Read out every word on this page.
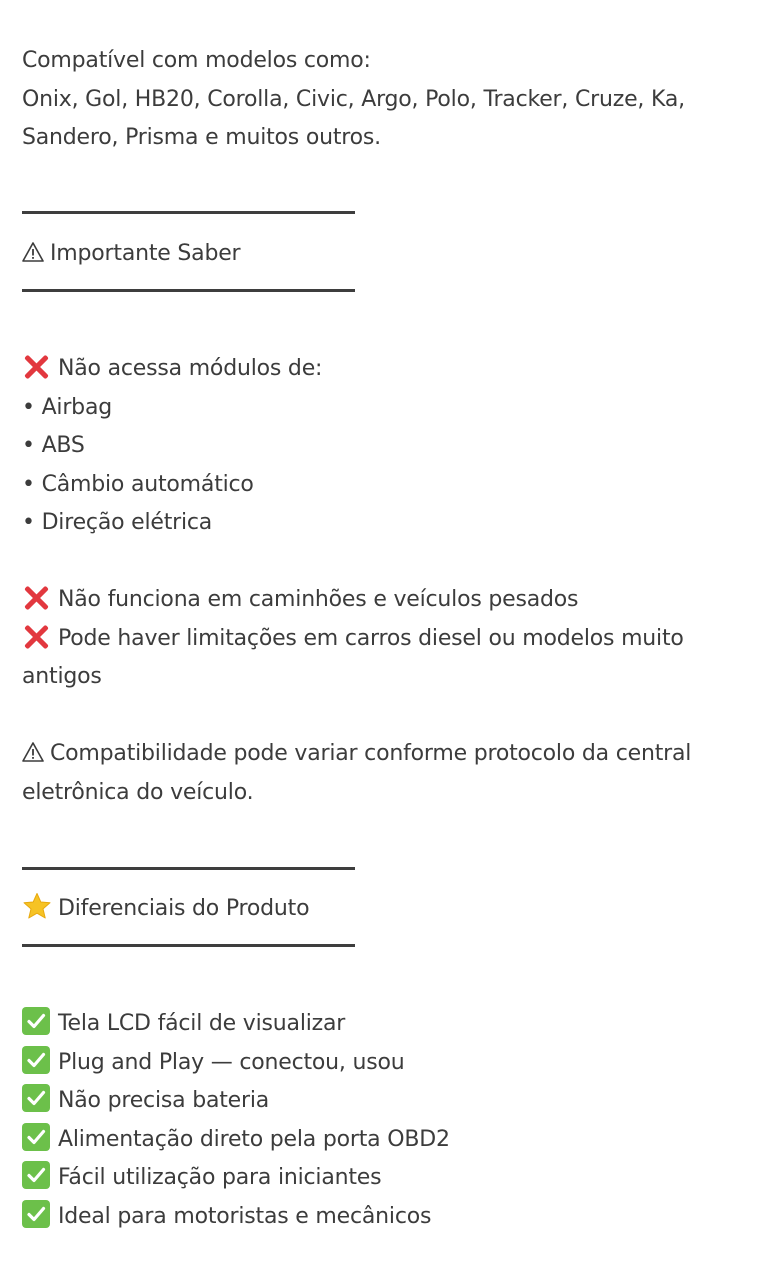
Compatível com modelos como:
Onix, Gol, HB20, Corolla, Civic, Argo, Polo, Tracker, Cruze, Ka,
Sandero, Prisma e muitos outros.
Importante Saber
Não acessa módulos de:
• Airbag
• ABS
• Câmbio automático
• Direção elétrica
Não funciona em caminhões e veículos pesados
Pode haver limitações em carros diesel ou modelos muito
antigos
Compatibilidade pode variar conforme protocolo da central
eletrônica do veículo.
Diferenciais do Produto
Tela LCD fácil de visualizar
Plug and Play — conectou, usou
Não precisa bateria
Alimentação direto pela porta OBD2
Fácil utilização para iniciantes
Ideal para motoristas e mecânicos
